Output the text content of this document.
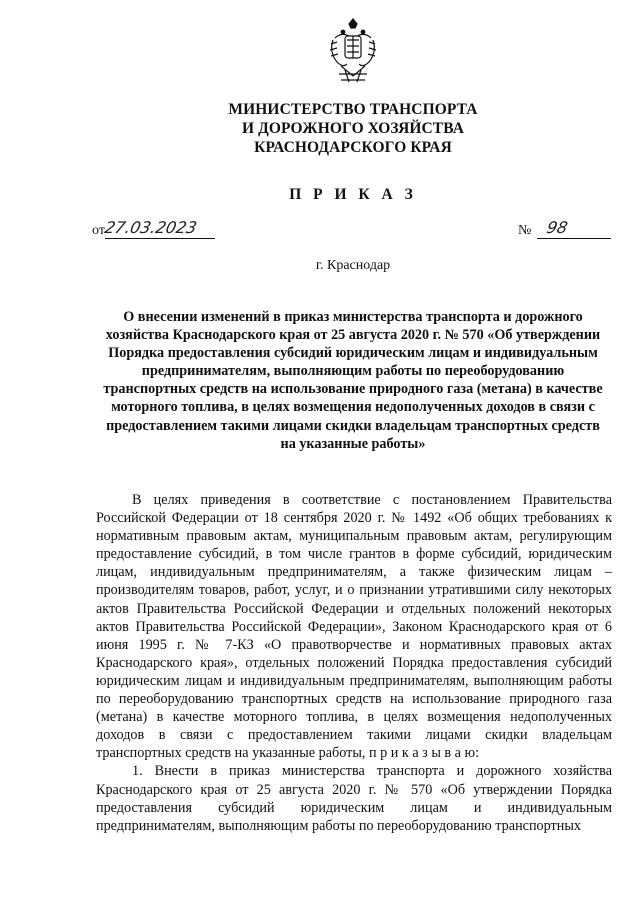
МИНИСТЕРСТВО ТРАНСПОРТА
И ДОРОЖНОГО ХОЗЯЙСТВА
КРАСНОДАРСКОГО КРАЯ
П Р И К А З
от
27.03.2023	№ 98
г. Краснодар
О внесении изменений в приказ министерства транспорта и дорожного хозяйства Краснодарского края от 25 августа 2020 г. № 570 «Об утверждении Порядка предоставления субсидий юридическим лицам и индивидуальным предпринимателям, выполняющим работы по переоборудованию транспортных средств на использование природного газа (метана) в качестве моторного топлива, в целях возмещения недополученных доходов в связи с предоставлением такими лицами скидки владельцам транспортных средств на указанные работы»

В целях приведения в соответствие с постановлением Правительства Российской Федерации от 18 сентября 2020 г. № 1492 «Об общих требованиях к нормативным правовым актам, муниципальным правовым актам, регулирующим предоставление субсидий, в том числе грантов в форме субсидий, юридическим лицам, индивидуальным предпринимателям, а также физическим лицам – производителям товаров, работ, услуг, и о признании утратившими силу некоторых актов Правительства Российской Федерации и отдельных положений некоторых актов Правительства Российской Федерации», Законом Краснодарского края от 6 июня 1995 г. № 7-КЗ «О правотворчестве и нормативных правовых актах Краснодарского края», отдельных положений Порядка предоставления субсидий юридическим лицам и индивидуальным предпринимателям, выполняющим работы по переоборудованию транспортных средств на использование природного газа (метана) в качестве моторного топлива, в целях возмещения недополученных доходов в связи с предоставлением такими лицами скидки владельцам транспортных средств на указанные работы, п р и к а з ы в а ю:

1. Внести в приказ министерства транспорта и дорожного хозяйства Краснодарского края от 25 августа 2020 г. № 570 «Об утверждении Порядка предоставления субсидий юридическим лицам и индивидуальным предпринимателям, выполняющим работы по переоборудованию транспортных
